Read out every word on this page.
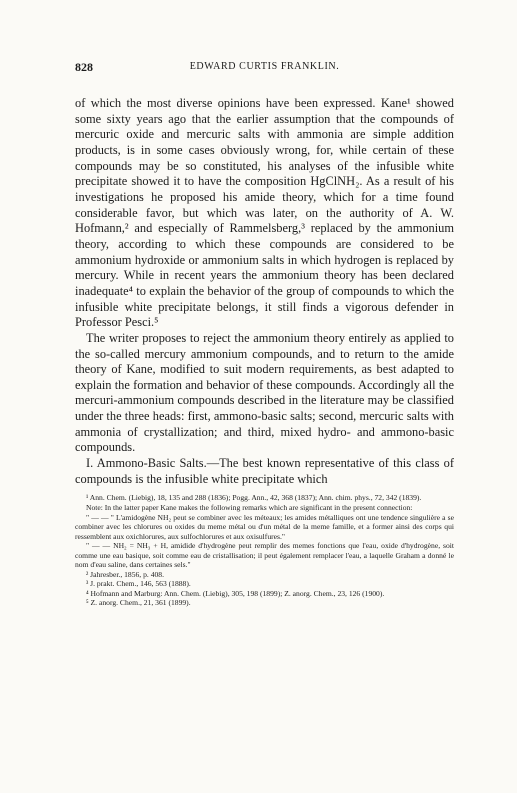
828	EDWARD CURTIS FRANKLIN.

of which the most diverse opinions have been expressed. Kane¹ showed some sixty years ago that the earlier assumption that the compounds of mercuric oxide and mercuric salts with ammonia are simple addition products, is in some cases obviously wrong, for, while certain of these compounds may be so constituted, his analyses of the infusible white precipitate showed it to have the composition HgClNH₂. As a result of his investigations he proposed his amide theory, which for a time found considerable favor, but which was later, on the authority of A. W. Hofmann,² and especially of Rammelsberg,³ replaced by the ammonium theory, according to which these compounds are considered to be ammonium hydroxide or ammonium salts in which hydrogen is replaced by mercury. While in recent years the ammonium theory has been declared inadequate⁴ to explain the behavior of the group of compounds to which the infusible white precipitate belongs, it still finds a vigorous defender in Professor Pesci.⁵

The writer proposes to reject the ammonium theory entirely as applied to the so-called mercury ammonium compounds, and to return to the amide theory of Kane, modified to suit modern requirements, as best adapted to explain the formation and behavior of these compounds. Accordingly all the mercuri-ammonium compounds described in the literature may be classified under the three heads: first, ammono-basic salts; second, mercuric salts with ammonia of crystallization; and third, mixed hydro- and ammono-basic compounds.

I. Ammono-Basic Salts.—The best known representative of this class of compounds is the infusible white precipitate which

¹ Ann. Chem. (Liebig), 18, 135 and 288 (1836); Pogg. Ann., 42, 368 (1837); Ann. chim. phys., 72, 342 (1839).

Note: In the latter paper Kane makes the following remarks which are significant in the present connection:

" — — " L'amidogène NH₂ peut se combiner avec les méteaux; les amides métalliques ont une tendence singulière a se combiner avec les chlorures ou oxides du meme métal ou d'un métal de la meme famille, et a former ainsi des corps qui ressemblent aux oxichlorures, aux sulfochlorures et aux oxisulfures."

" — — NH₂ = NH₃ + H, amidide d'hydrogène peut remplir des memes fonctions que l'eau, oxide d'hydrogène, soit comme une eau basique, soit comme eau de cristallisation; il peut également remplacer l'eau, a laquelle Graham a donné le nom d'eau saline, dans certaines sels."

² Jahresber., 1856, p. 408.

³ J. prakt. Chem., 146, 563 (1888).

⁴ Hofmann and Marburg: Ann. Chem. (Liebig), 305, 198 (1899); Z. anorg. Chem., 23, 126 (1900).

⁵ Z. anorg. Chem., 21, 361 (1899).
